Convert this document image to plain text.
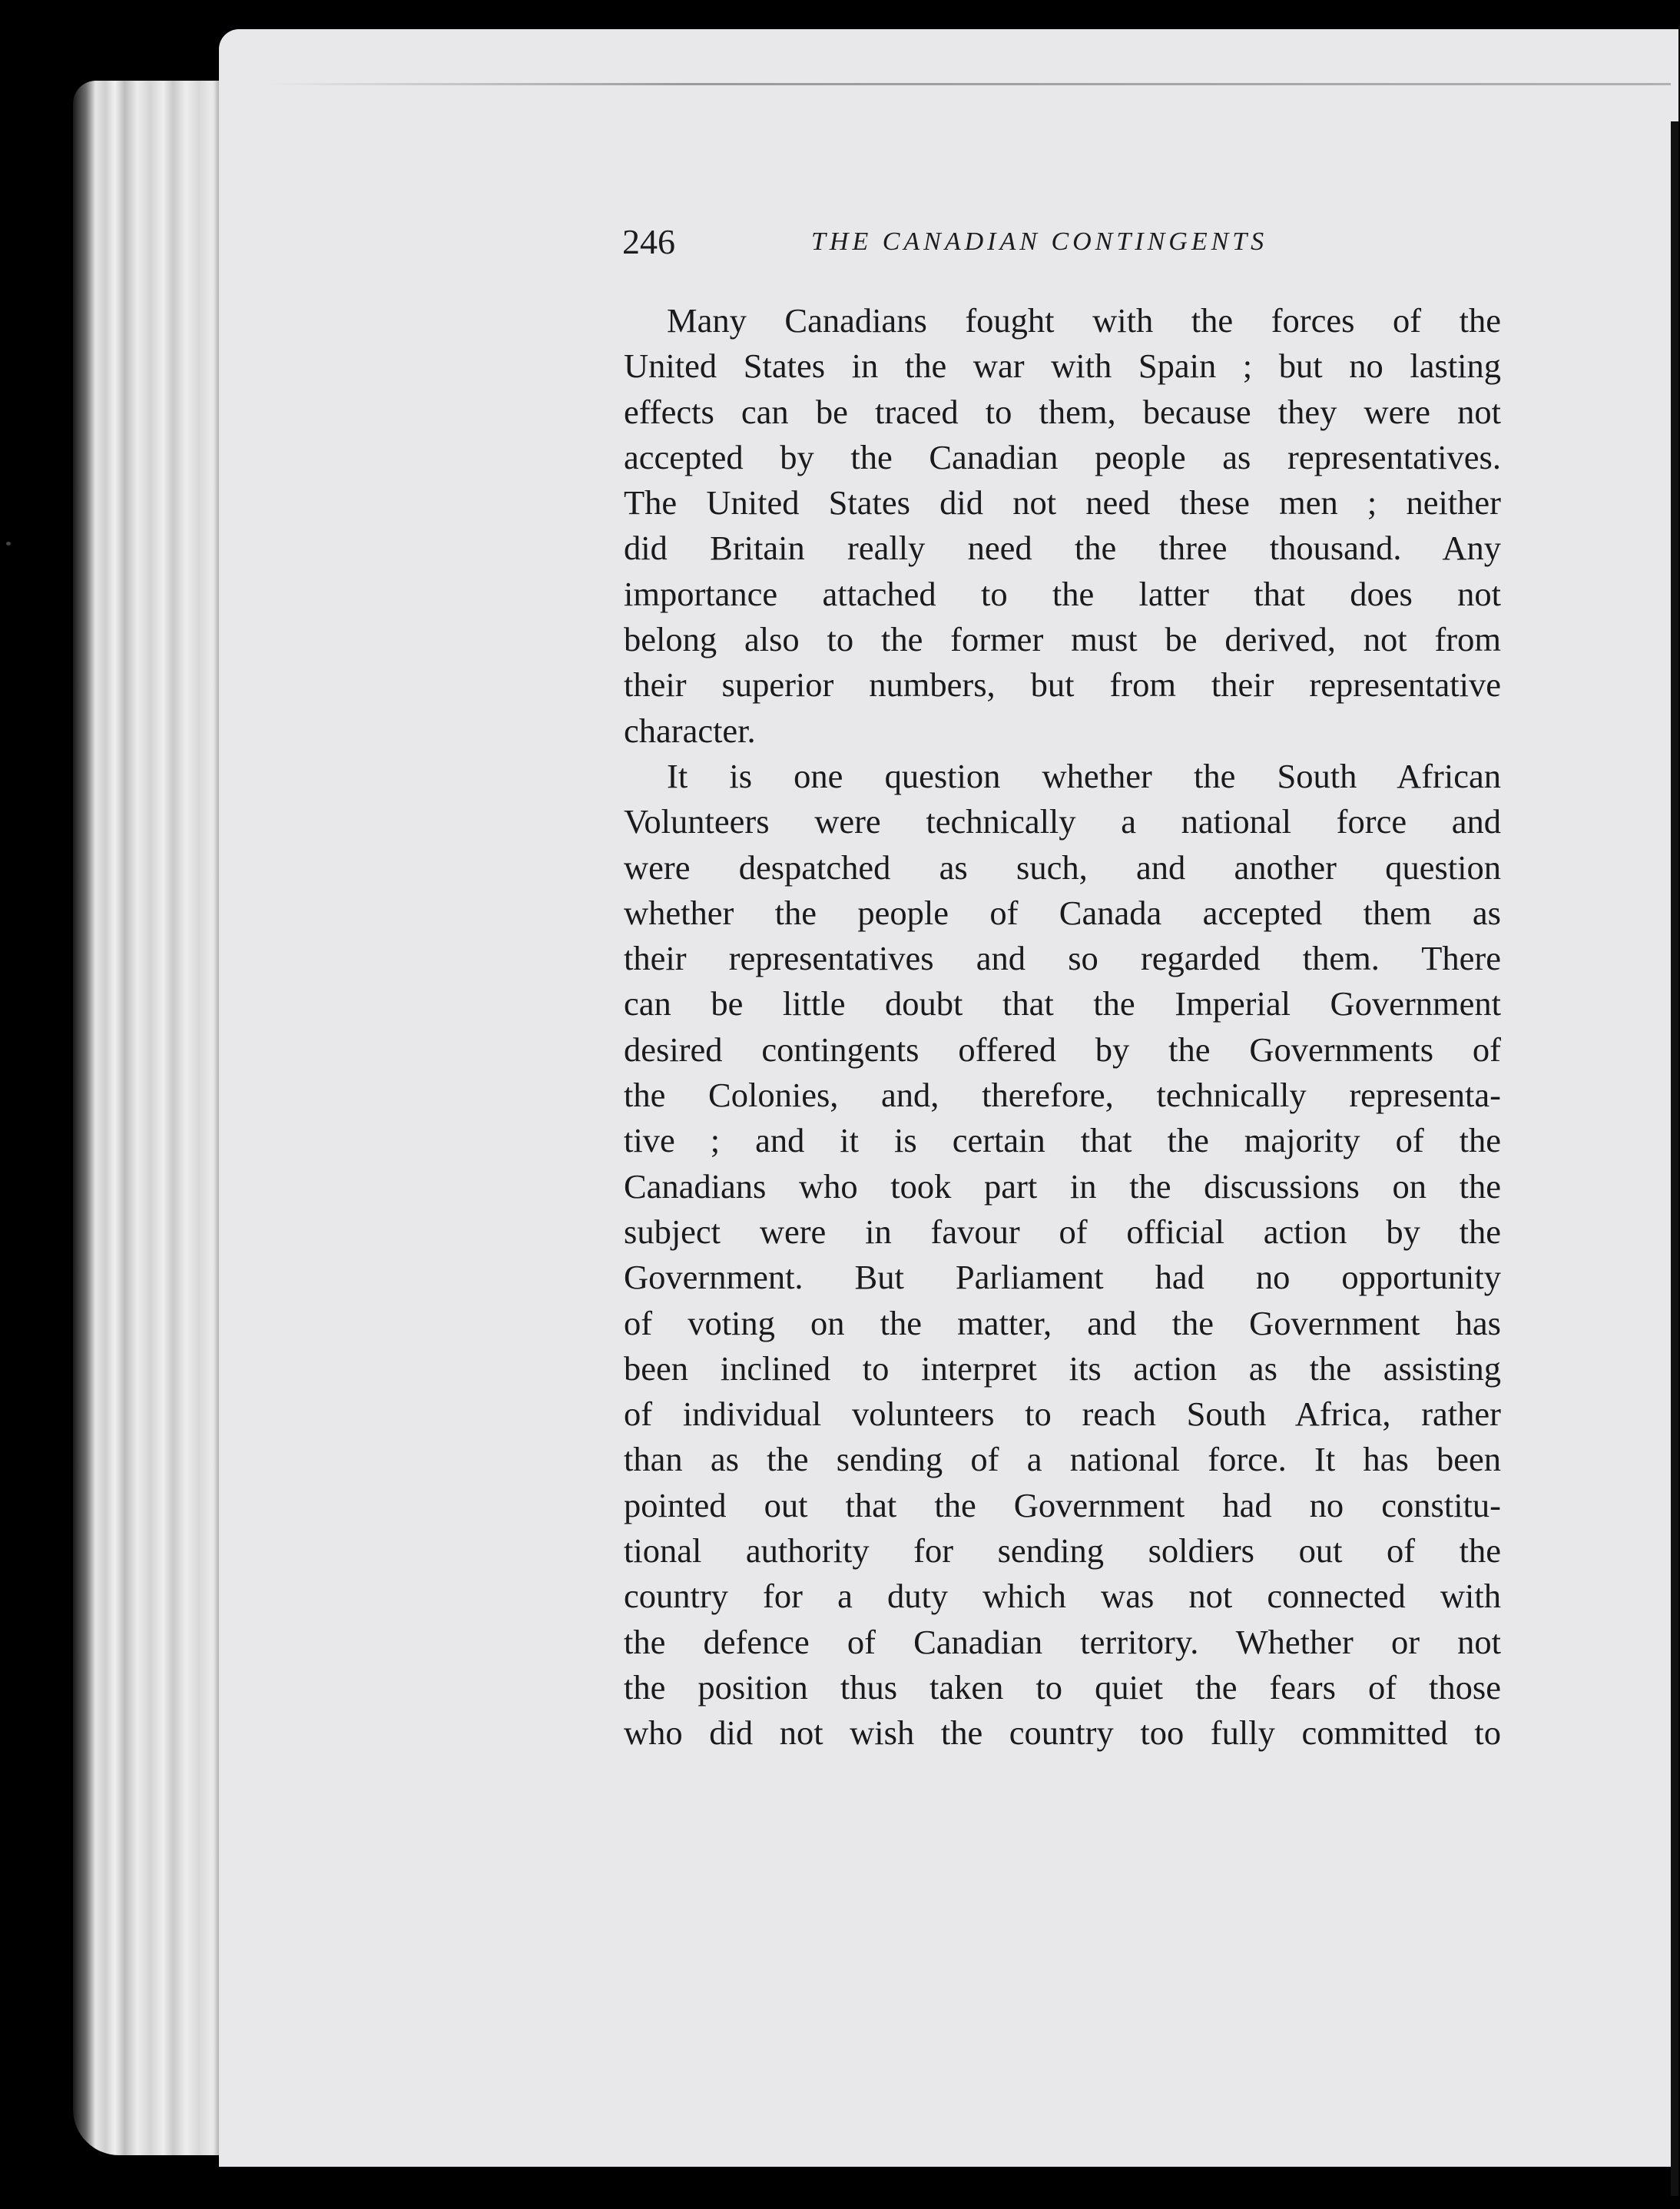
246	THE CANADIAN CONTINGENTS
Many Canadians fought with the forces of the
United States in the war with Spain ; but no lasting
effects can be traced to them, because they were not
accepted by the Canadian people as representatives.
The United States did not need these men ; neither
did Britain really need the three thousand. Any
importance attached to the latter that does not
belong also to the former must be derived, not from
their superior numbers, but from their representative
character.
It is one question whether the South African
Volunteers were technically a national force and
were despatched as such, and another question
whether the people of Canada accepted them as
their representatives and so regarded them. There
can be little doubt that the Imperial Government
desired contingents offered by the Governments of
the Colonies, and, therefore, technically representa-
tive ; and it is certain that the majority of the
Canadians who took part in the discussions on the
subject were in favour of official action by the
Government. But Parliament had no opportunity
of voting on the matter, and the Government has
been inclined to interpret its action as the assisting
of individual volunteers to reach South Africa, rather
than as the sending of a national force. It has been
pointed out that the Government had no constitu-
tional authority for sending soldiers out of the
country for a duty which was not connected with
the defence of Canadian territory. Whether or not
the position thus taken to quiet the fears of those
who did not wish the country too fully committed to
